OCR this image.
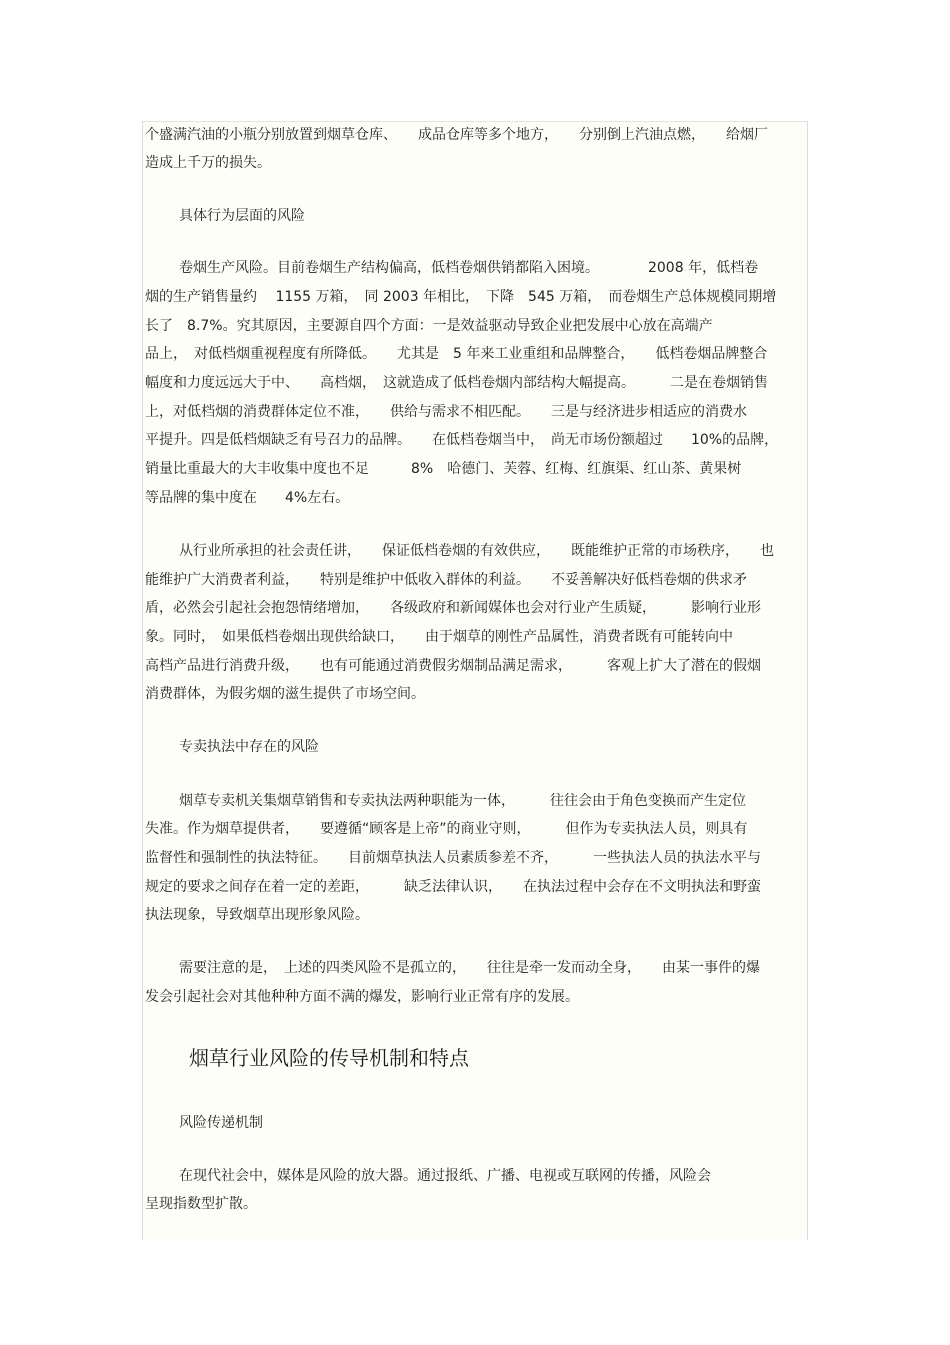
个盛满汽油的小瓶分别放置到烟草仓库、　　成品仓库等多个地方，　　分别倒上汽油点燃，　　给烟厂
造成上千万的损失。
具体行为层面的风险
卷烟生产风险。目前卷烟生产结构偏高，低档卷烟供销都陷入困境。　　　　2008 年，低档卷
烟的生产销售量约　 1155 万箱，　同 2003 年相比，　下降　545 万箱，　而卷烟生产总体规模同期增
长了　8.7%。究其原因，主要源自四个方面：一是效益驱动导致企业把发展中心放在高端产
品上，　对低档烟重视程度有所降低。　　尤其是　5 年来工业重组和品牌整合，　　低档卷烟品牌整合
幅度和力度远远大于中、　　高档烟，　这就造成了低档卷烟内部结构大幅提高。　　　二是在卷烟销售
上，对低档烟的消费群体定位不准，　　供给与需求不相匹配。　　三是与经济进步相适应的消费水
平提升。四是低档烟缺乏有号召力的品牌。　　在低档卷烟当中，　尚无市场份额超过　　10%的品牌，
销量比重最大的大丰收集中度也不足　　　8%　哈德门、芙蓉、红梅、红旗渠、红山茶、黄果树
等品牌的集中度在　　4%左右。
从行业所承担的社会责任讲，　　保证低档卷烟的有效供应，　　既能维护正常的市场秩序，　　也
能维护广大消费者利益，　　特别是维护中低收入群体的利益。　　不妥善解决好低档卷烟的供求矛
盾，必然会引起社会抱怨情绪增加，　　各级政府和新闻媒体也会对行业产生质疑，　　　影响行业形
象。同时，　如果低档卷烟出现供给缺口，　　由于烟草的刚性产品属性，消费者既有可能转向中
高档产品进行消费升级，　　也有可能通过消费假劣烟制品满足需求，　　　客观上扩大了潜在的假烟
消费群体，为假劣烟的滋生提供了市场空间。
专卖执法中存在的风险
烟草专卖机关集烟草销售和专卖执法两种职能为一体，　　　往往会由于角色变换而产生定位
失准。作为烟草提供者，　　要遵循“顾客是上帝”的商业守则，　　　但作为专卖执法人员，则具有
监督性和强制性的执法特征。　　目前烟草执法人员素质参差不齐，　　　一些执法人员的执法水平与
规定的要求之间存在着一定的差距，　　　缺乏法律认识，　　在执法过程中会存在不文明执法和野蛮
执法现象，导致烟草出现形象风险。
需要注意的是，　上述的四类风险不是孤立的，　　往往是牵一发而动全身，　　由某一事件的爆
发会引起社会对其他种种方面不满的爆发，影响行业正常有序的发展。
烟草行业风险的传导机制和特点
风险传递机制
在现代社会中，媒体是风险的放大器。通过报纸、广播、电视或互联网的传播，风险会
呈现指数型扩散。
